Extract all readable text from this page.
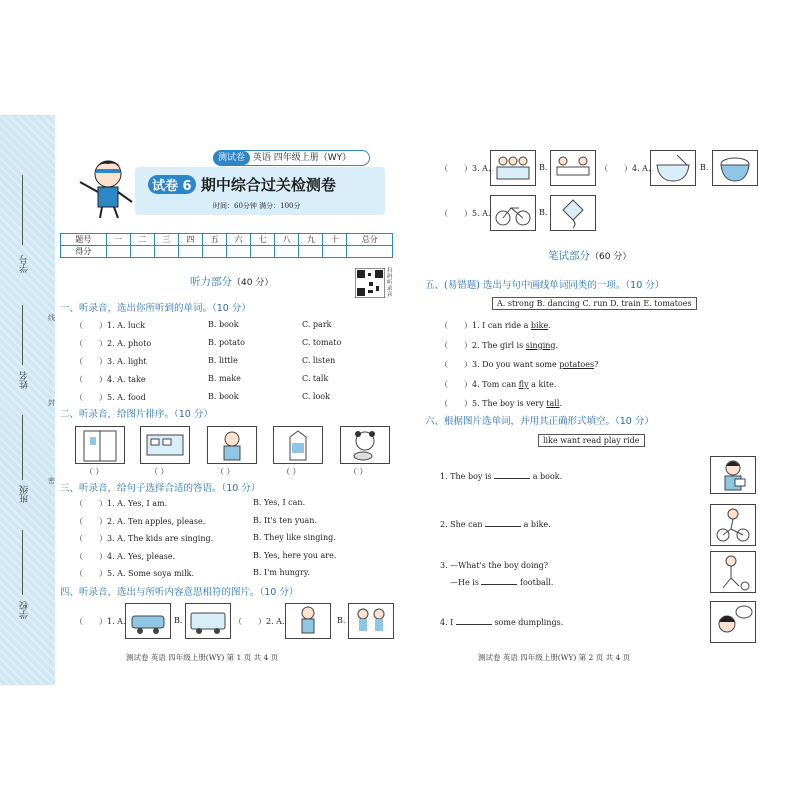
学号
姓名
班级
学校
线
封
密
测试卷 英语 四年级上册（WY）
试卷 6 期中综合过关检测卷
时间：60分钟 满分：100分
题号	一	二	三	四	五	六	七	八	九	十	总分
得分											
听力部分（40 分）
扫码听录音
一、听录音，选出你所听到的单词。（10 分）
（ ）1. A. luck	B. book	C. park
（ ）2. A. photo	B. potato	C. tomato
（ ）3. A. light	B. little	C. listen
（ ）4. A. take	B. make	C. talk
（ ）5. A. food	B. book	C. look
二、听录音，给图片排序。（10 分）
（ ）	（ ）	（ ）	（ ）	（ ）
三、听录音，给句子选择合适的答语。（10 分）
（ ）1. A. Yes, I am.	B. Yes, I can.
（ ）2. A. Ten apples, please.	B. It's ten yuan.
（ ）3. A. The kids are singing.	B. They like singing.
（ ）4. A. Yes, please.	B. Yes, here you are.
（ ）5. A. Some soya milk.	B. I'm hungry.
四、听录音，选出与所听内容意思相符的图片。（10 分）
（ ）1. A.	B.	（ ）2. A.	B.
测试卷 英语 四年级上册(WY) 第 1 页 共 4 页
（ ）3. A.	B.	（ ）4. A.	B.
（ ）5. A.	B.
笔试部分（60 分）
五、(易错题) 选出与句中画线单词同类的一项。（10 分）
A. strong B. dancing C. run D. train E. tomatoes
（ ）1. I can ride a bike.
（ ）2. The girl is singing.
（ ）3. Do you want some potatoes?
（ ）4. Tom can fly a kite.
（ ）5. The boy is very tall.
六、根据图片选单词，并用其正确形式填空。（10 分）
like want read play ride
1. The boy is	a book.
2. She can	a bike.
3. —What's the boy doing?
—He is	football.
4. I	some dumplings.
测试卷 英语 四年级上册(WY) 第 2 页 共 4 页
